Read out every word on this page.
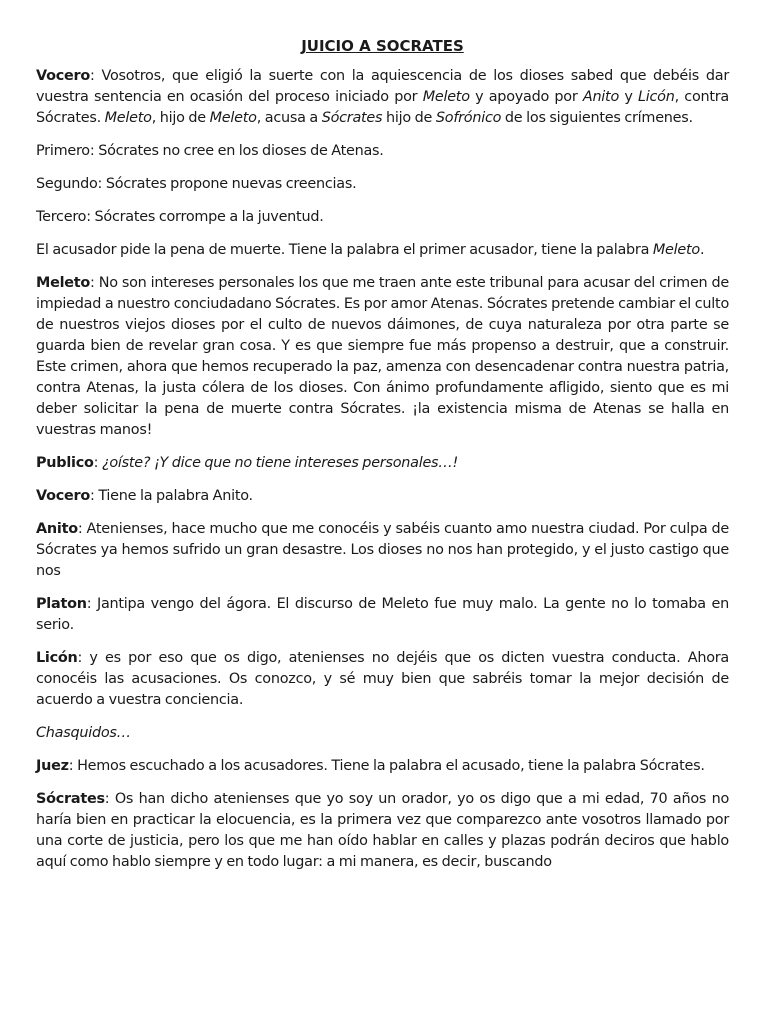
JUICIO A SOCRATES

Vocero: Vosotros, que eligió la suerte con la aquiescencia de los dioses sabed que debéis dar vuestra sentencia en ocasión del proceso iniciado por Meleto y apoyado por Anito y Licón, contra Sócrates. Meleto, hijo de Meleto, acusa a Sócrates hijo de Sofrónico de los siguientes crímenes.

Primero: Sócrates no cree en los dioses de Atenas.

Segundo: Sócrates propone nuevas creencias.

Tercero: Sócrates corrompe a la juventud.

El acusador pide la pena de muerte. Tiene la palabra el primer acusador, tiene la palabra Meleto.

Meleto: No son intereses personales los que me traen ante este tribunal para acusar del crimen de impiedad a nuestro conciudadano Sócrates. Es por amor Atenas. Sócrates pretende cambiar el culto de nuestros viejos dioses por el culto de nuevos dáimones, de cuya naturaleza por otra parte se guarda bien de revelar gran cosa. Y es que siempre fue más propenso a destruir, que a construir. Este crimen, ahora que hemos recuperado la paz, amenza con desencadenar contra nuestra patria, contra Atenas, la justa cólera de los dioses. Con ánimo profundamente afligido, siento que es mi deber solicitar la pena de muerte contra Sócrates. ¡la existencia misma de Atenas se halla en vuestras manos!

Publico: ¿oíste? ¡Y dice que no tiene intereses personales…!

Vocero: Tiene la palabra Anito.

Anito: Atenienses, hace mucho que me conocéis y sabéis cuanto amo nuestra ciudad. Por culpa de Sócrates ya hemos sufrido un gran desastre. Los dioses no nos han protegido, y el justo castigo que nos

Platon: Jantipa vengo del ágora. El discurso de Meleto fue muy malo. La gente no lo tomaba en serio.

Licón: y es por eso que os digo, atenienses no dejéis que os dicten vuestra conducta. Ahora conocéis las acusaciones. Os conozco, y sé muy bien que sabréis tomar la mejor decisión de acuerdo a vuestra conciencia.

Chasquidos…

Juez: Hemos escuchado a los acusadores. Tiene la palabra el acusado, tiene la palabra Sócrates.

Sócrates: Os han dicho atenienses que yo soy un orador, yo os digo que a mi edad, 70 años no haría bien en practicar la elocuencia, es la primera vez que comparezco ante vosotros llamado por una corte de justicia, pero los que me han oído hablar en calles y plazas podrán deciros que hablo aquí como hablo siempre y en todo lugar: a mi manera, es decir, buscando
